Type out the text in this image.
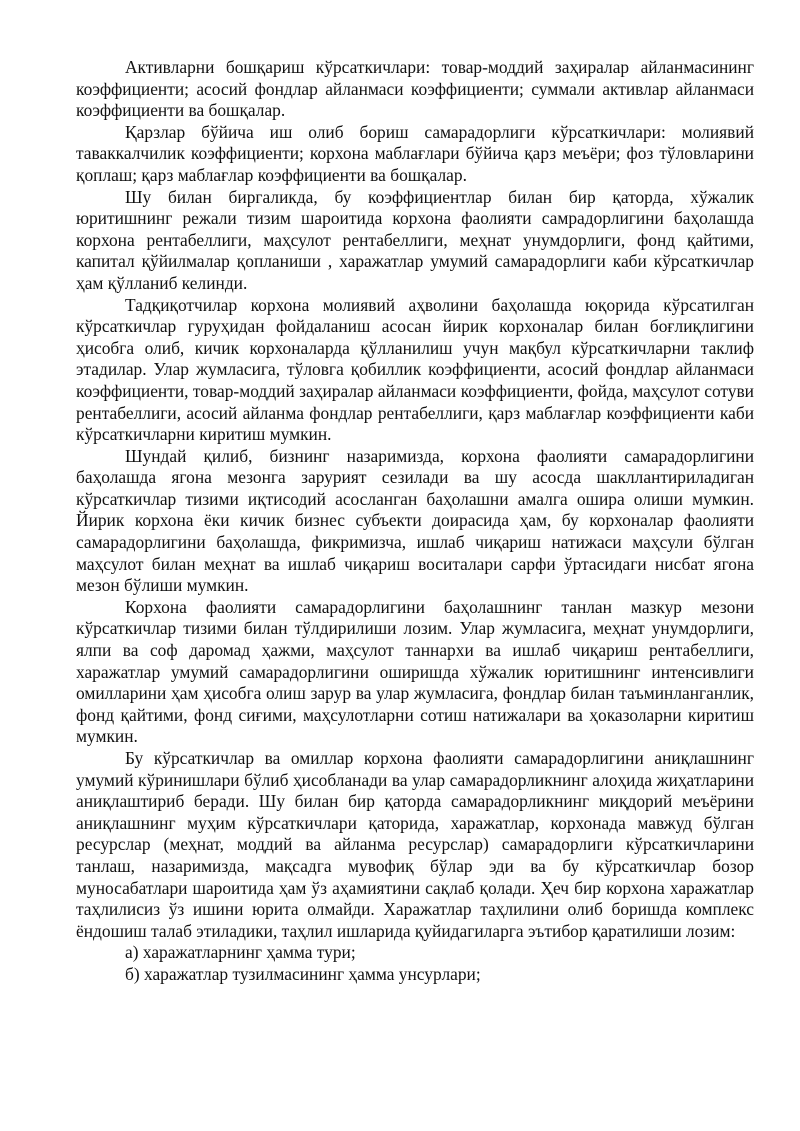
Активларни бошқариш кўрсаткичлари: товар-моддий заҳиралар айланмасининг коэффициенти; асосий фондлар айланмаси коэффициенти; суммали активлар айланмаси коэффициенти ва бошқалар.

Қарзлар бўйича иш олиб бориш самарадорлиги кўрсаткичлари: молиявий таваккалчилик коэффициенти; корхона маблағлари бўйича қарз меъёри; фоз тўловларини қоплаш; қарз маблағлар коэффициенти ва бошқалар.

Шу билан биргаликда, бу коэффициентлар билан бир қаторда, хўжалик юритишнинг режали тизим шароитида корхона фаолияти самрадорлигини баҳолашда корхона рентабеллиги, маҳсулот рентабеллиги, меҳнат унумдорлиги, фонд қайтими, капитал қўйилмалар қопланиши , харажатлар умумий самарадорлиги каби кўрсаткичлар ҳам қўлланиб келинди.

Тадқиқотчилар корхона молиявий аҳволини баҳолашда юқорида кўрсатилган кўрсаткичлар гуруҳидан фойдаланиш асосан йирик корхоналар билан боғлиқлигини ҳисобга олиб, кичик корхоналарда қўлланилиш учун мақбул кўрсаткичларни таклиф этадилар. Улар жумласига, тўловга қобиллик коэффициенти, асосий фондлар айланмаси коэффициенти, товар-моддий заҳиралар айланмаси коэффициенти, фойда, маҳсулот сотуви рентабеллиги, асосий айланма фондлар рентабеллиги, қарз маблағлар коэффициенти каби кўрсаткичларни киритиш мумкин.

Шундай қилиб, бизнинг назаримизда, корхона фаолияти самарадорлигини баҳолашда ягона мезонга зарурият сезилади ва шу асосда шакллантириладиган кўрсаткичлар тизими иқтисодий асосланган баҳолашни амалга ошира олиши мумкин. Йирик корхона ёки кичик бизнес субъекти доирасида ҳам, бу корхоналар фаолияти самарадорлигини баҳолашда, фикримизча, ишлаб чиқариш натижаси маҳсули бўлган маҳсулот билан меҳнат ва ишлаб чиқариш воситалари сарфи ўртасидаги нисбат ягона мезон бўлиши мумкин.

Корхона фаолияти самарадорлигини баҳолашнинг танлан мазкур мезони кўрсаткичлар тизими билан тўлдирилиши лозим. Улар жумласига, меҳнат унумдорлиги, ялпи ва соф даромад ҳажми, маҳсулот таннархи ва ишлаб чиқариш рентабеллиги, харажатлар умумий самарадорлигини оширишда хўжалик юритишнинг интенсивлиги омилларини ҳам ҳисобга олиш зарур ва улар жумласига, фондлар билан таъминланганлик, фонд қайтими, фонд сиғими, маҳсулотларни сотиш натижалари ва ҳоказоларни киритиш мумкин.

Бу кўрсаткичлар ва омиллар корхона фаолияти самарадорлигини аниқлашнинг умумий кўринишлари бўлиб ҳисобланади ва улар самарадорликнинг алоҳида жиҳатларини аниқлаштириб беради. Шу билан бир қаторда самарадорликнинг миқдорий меъёрини аниқлашнинг муҳим кўрсаткичлари қаторида, харажатлар, корхонада мавжуд бўлган ресурслар (меҳнат, моддий ва айланма ресурслар) самарадорлиги кўрсаткичларини танлаш, назаримизда, мақсадга мувофиқ бўлар эди ва бу кўрсаткичлар бозор муносабатлари шароитида ҳам ўз аҳамиятини сақлаб қолади. Ҳеч бир корхона харажатлар таҳлилисиз ўз ишини юрита олмайди. Харажатлар таҳлилини олиб боришда комплекс ёндошиш талаб этиладики, таҳлил ишларида қуйидагиларга эътибор қаратилиши лозим:

а) харажатларнинг ҳамма тури;

б) харажатлар тузилмасининг ҳамма унсурлари;
